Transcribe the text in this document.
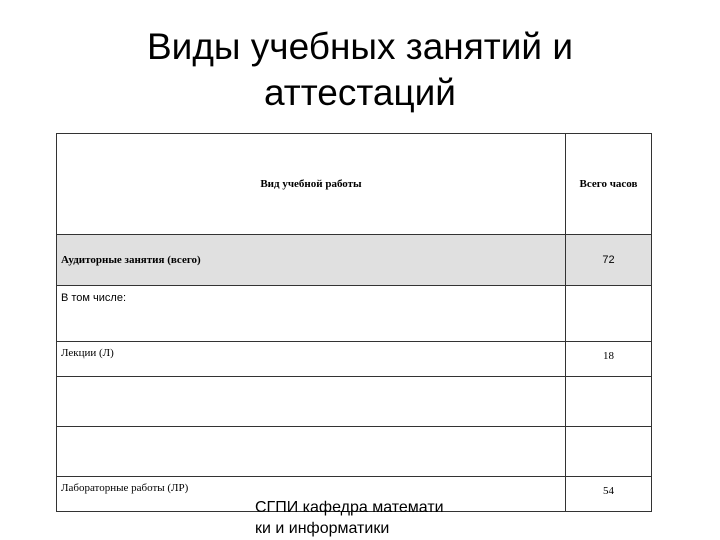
Виды учебных занятий и
аттестаций
Вид учебной работы	Всего часов
Аудиторные занятия (всего)	72
В том числе:	
Лекции (Л)	18

Лабораторные работы (ЛР)	54
СГПИ кафедра математи
ки и информатики
